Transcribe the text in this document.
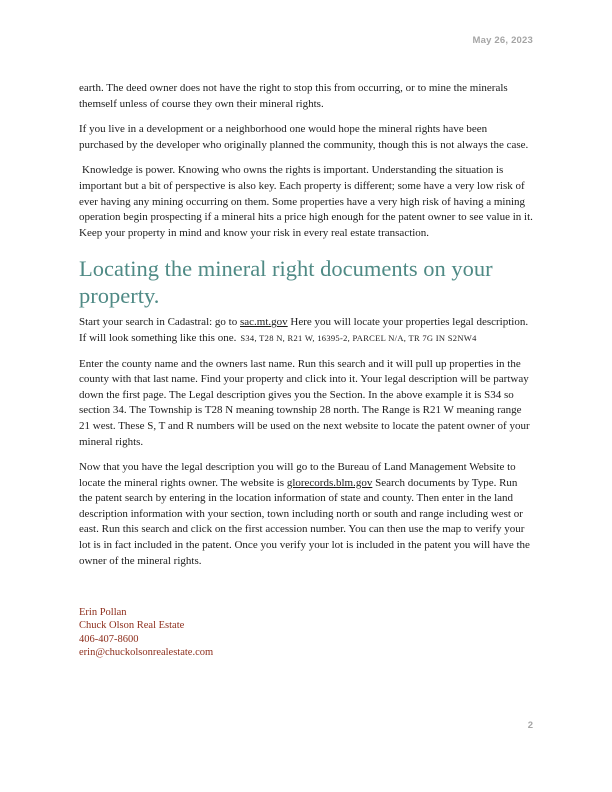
May 26, 2023

earth. The deed owner does not have the right to stop this from occurring, or to mine the minerals themself unless of course they own their mineral rights.

If you live in a development or a neighborhood one would hope the mineral rights have been purchased by the developer who originally planned the community, though this is not always the case.

Knowledge is power. Knowing who owns the rights is important. Understanding the situation is important but a bit of perspective is also key. Each property is different; some have a very low risk of ever having any mining occurring on them. Some properties have a very high risk of having a mining operation begin prospecting if a mineral hits a price high enough for the patent owner to see value in it. Keep your property in mind and know your risk in every real estate transaction.

Locating the mineral right documents on your property.

Start your search in Cadastral: go to sac.mt.gov Here you will locate your properties legal description. If will look something like this one. S34, T28 N, R21 W, 16395-2, PARCEL N/A, TR 7G IN S2NW4

Enter the county name and the owners last name. Run this search and it will pull up properties in the county with that last name. Find your property and click into it. Your legal description will be partway down the first page. The Legal description gives you the Section. In the above example it is S34 so section 34. The Township is T28 N meaning township 28 north. The Range is R21 W meaning range 21 west. These S, T and R numbers will be used on the next website to locate the patent owner of your mineral rights.

Now that you have the legal description you will go to the Bureau of Land Management Website to locate the mineral rights owner. The website is glorecords.blm.gov Search documents by Type. Run the patent search by entering in the location information of state and county. Then enter in the land description information with your section, town including north or south and range including west or east. Run this search and click on the first accession number. You can then use the map to verify your lot is in fact included in the patent. Once you verify your lot is included in the patent you will have the owner of the mineral rights.

Erin Pollan
Chuck Olson Real Estate
406-407-8600
erin@chuckolsonrealestate.com
2
